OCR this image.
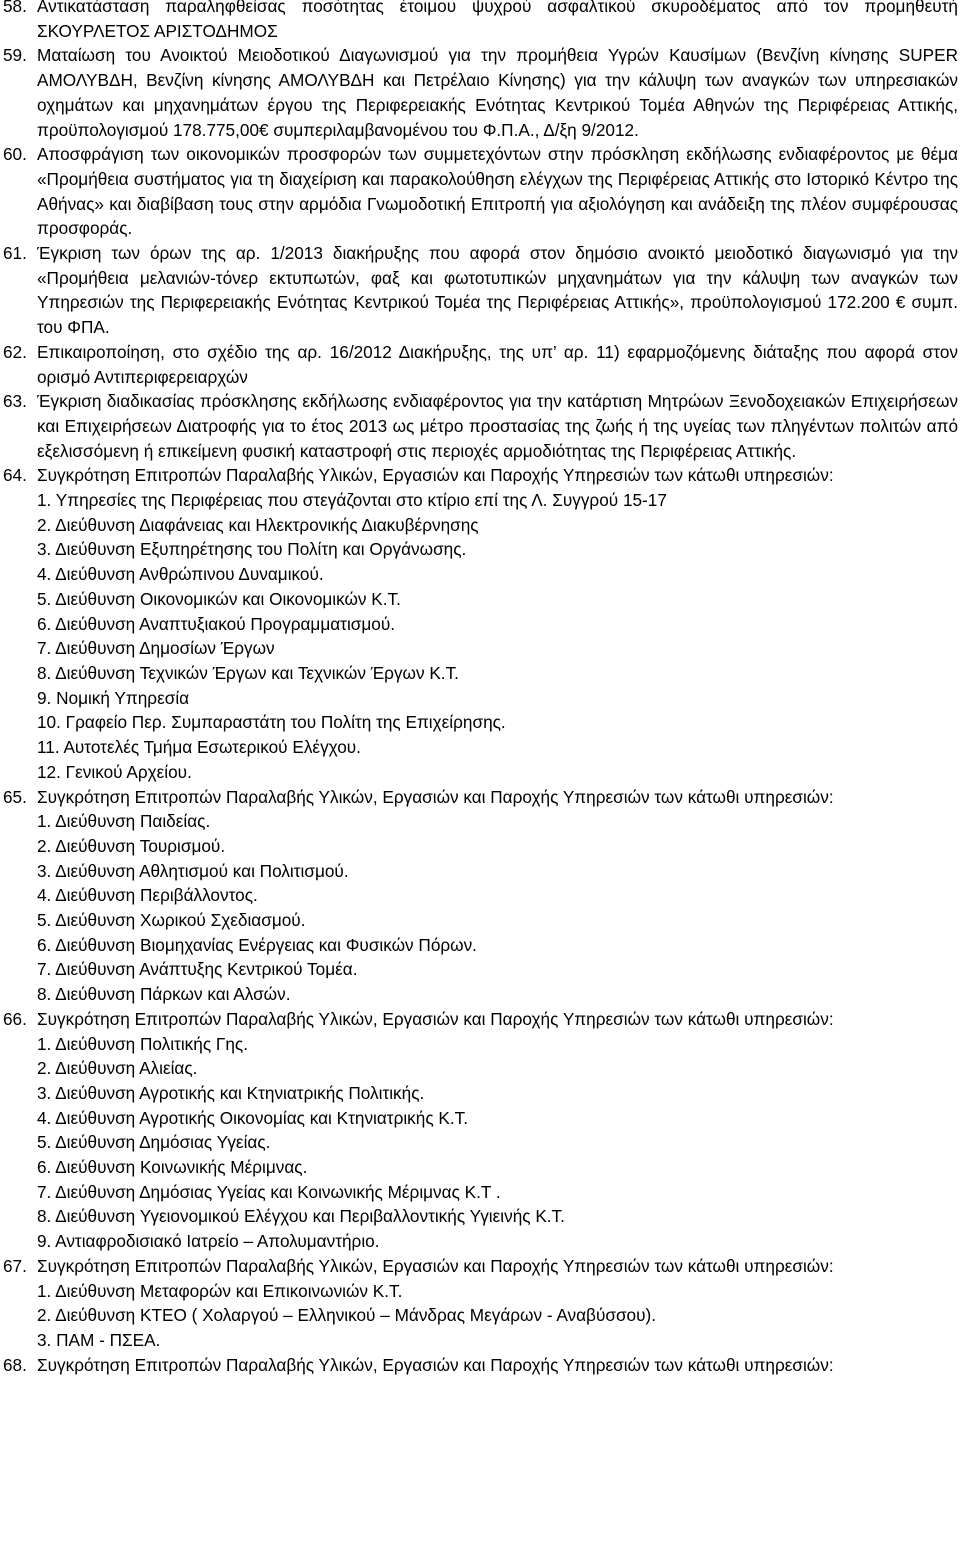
58. Αντικατάσταση παραληφθείσας ποσότητας έτοιμου ψυχρού ασφαλτικού σκυροδέματος από τον προμηθευτή ΣΚΟΥΡΛΕΤΟΣ ΑΡΙΣΤΟΔΗΜΟΣ
59. Ματαίωση του Ανοικτού Μειοδοτικού Διαγωνισμού για την προμήθεια Υγρών Καυσίμων (Βενζίνη κίνησης SUPER ΑΜΟΛΥΒΔΗ, Βενζίνη κίνησης ΑΜΟΛΥΒΔΗ και Πετρέλαιο Κίνησης) για την κάλυψη των αναγκών των υπηρεσιακών οχημάτων και μηχανημάτων έργου της Περιφερειακής Ενότητας Κεντρικού Τομέα Αθηνών της Περιφέρειας Αττικής, προϋπολογισμού 178.775,00€ συμπεριλαμβανομένου του Φ.Π.Α., Δ/ξη 9/2012.
60. Αποσφράγιση των οικονομικών προσφορών των συμμετεχόντων στην πρόσκληση εκδήλωσης ενδιαφέροντος με θέμα «Προμήθεια συστήματος για τη διαχείριση και παρακολούθηση ελέγχων της Περιφέρειας Αττικής στο Ιστορικό Κέντρο της Αθήνας» και διαβίβαση τους στην αρμόδια Γνωμοδοτική Επιτροπή για αξιολόγηση και ανάδειξη της πλέον συμφέρουσας προσφοράς.
61. Έγκριση των όρων της αρ. 1/2013 διακήρυξης που αφορά στον δημόσιο ανοικτό μειοδοτικό διαγωνισμό για την «Προμήθεια μελανιών-τόνερ εκτυπωτών, φαξ και φωτοτυπικών μηχανημάτων για την κάλυψη των αναγκών των Υπηρεσιών της Περιφερειακής Ενότητας Κεντρικού Τομέα της Περιφέρειας Αττικής», προϋπολογισμού 172.200 € συμπ. του ΦΠΑ.
62. Επικαιροποίηση, στο σχέδιο της αρ. 16/2012 Διακήρυξης, της υπ’ αρ. 11) εφαρμοζόμενης διάταξης που αφορά στον ορισμό Αντιπεριφερειαρχών
63. Έγκριση διαδικασίας πρόσκλησης εκδήλωσης ενδιαφέροντος για την κατάρτιση Μητρώων Ξενοδοχειακών Επιχειρήσεων και Επιχειρήσεων Διατροφής για το έτος 2013 ως μέτρο προστασίας της ζωής ή της υγείας των πληγέντων πολιτών από εξελισσόμενη ή επικείμενη φυσική καταστροφή στις περιοχές αρμοδιότητας της Περιφέρειας Αττικής.
64. Συγκρότηση Επιτροπών Παραλαβής Υλικών, Εργασιών και Παροχής Υπηρεσιών των κάτωθι υπηρεσιών:
1. Υπηρεσίες της Περιφέρειας που στεγάζονται στο κτίριο επί της Λ. Συγγρού 15-17
2. Διεύθυνση Διαφάνειας και Ηλεκτρονικής Διακυβέρνησης
3. Διεύθυνση Εξυπηρέτησης του Πολίτη και Οργάνωσης.
4. Διεύθυνση Ανθρώπινου Δυναμικού.
5. Διεύθυνση Οικονομικών και Οικονομικών Κ.Τ.
6. Διεύθυνση Αναπτυξιακού Προγραμματισμού.
7. Διεύθυνση Δημοσίων Έργων
8. Διεύθυνση Τεχνικών Έργων και Τεχνικών Έργων Κ.Τ.
9. Νομική Υπηρεσία
10. Γραφείο Περ. Συμπαραστάτη του Πολίτη της Επιχείρησης.
11. Αυτοτελές Τμήμα Εσωτερικού Ελέγχου.
12. Γενικού Αρχείου.
65. Συγκρότηση Επιτροπών Παραλαβής Υλικών, Εργασιών και Παροχής Υπηρεσιών των κάτωθι υπηρεσιών:
1. Διεύθυνση Παιδείας.
2. Διεύθυνση Τουρισμού.
3. Διεύθυνση Αθλητισμού και Πολιτισμού.
4. Διεύθυνση Περιβάλλοντος.
5. Διεύθυνση Χωρικού Σχεδιασμού.
6. Διεύθυνση Βιομηχανίας Ενέργειας και Φυσικών Πόρων.
7. Διεύθυνση Ανάπτυξης Κεντρικού Τομέα.
8. Διεύθυνση Πάρκων και Αλσών.
66. Συγκρότηση Επιτροπών Παραλαβής Υλικών, Εργασιών και Παροχής Υπηρεσιών των κάτωθι υπηρεσιών:
1. Διεύθυνση Πολιτικής Γης.
2. Διεύθυνση Αλιείας.
3. Διεύθυνση Αγροτικής και Κτηνιατρικής Πολιτικής.
4. Διεύθυνση Αγροτικής Οικονομίας και Κτηνιατρικής Κ.Τ.
5. Διεύθυνση Δημόσιας Υγείας.
6. Διεύθυνση Κοινωνικής Μέριμνας.
7. Διεύθυνση Δημόσιας Υγείας και Κοινωνικής Μέριμνας Κ.Τ .
8. Διεύθυνση Υγειονομικού Ελέγχου και Περιβαλλοντικής Υγιεινής Κ.Τ.
9. Αντιαφροδισιακό Ιατρείο – Απολυμαντήριο.
67. Συγκρότηση Επιτροπών Παραλαβής Υλικών, Εργασιών και Παροχής Υπηρεσιών των κάτωθι υπηρεσιών:
1. Διεύθυνση Μεταφορών και Επικοινωνιών Κ.Τ.
2. Διεύθυνση ΚΤΕΟ ( Χολαργού – Ελληνικού – Μάνδρας Μεγάρων - Αναβύσσου).
3. ΠΑΜ - ΠΣΕΑ.
68. Συγκρότηση Επιτροπών Παραλαβής Υλικών, Εργασιών και Παροχής Υπηρεσιών των κάτωθι υπηρεσιών:
